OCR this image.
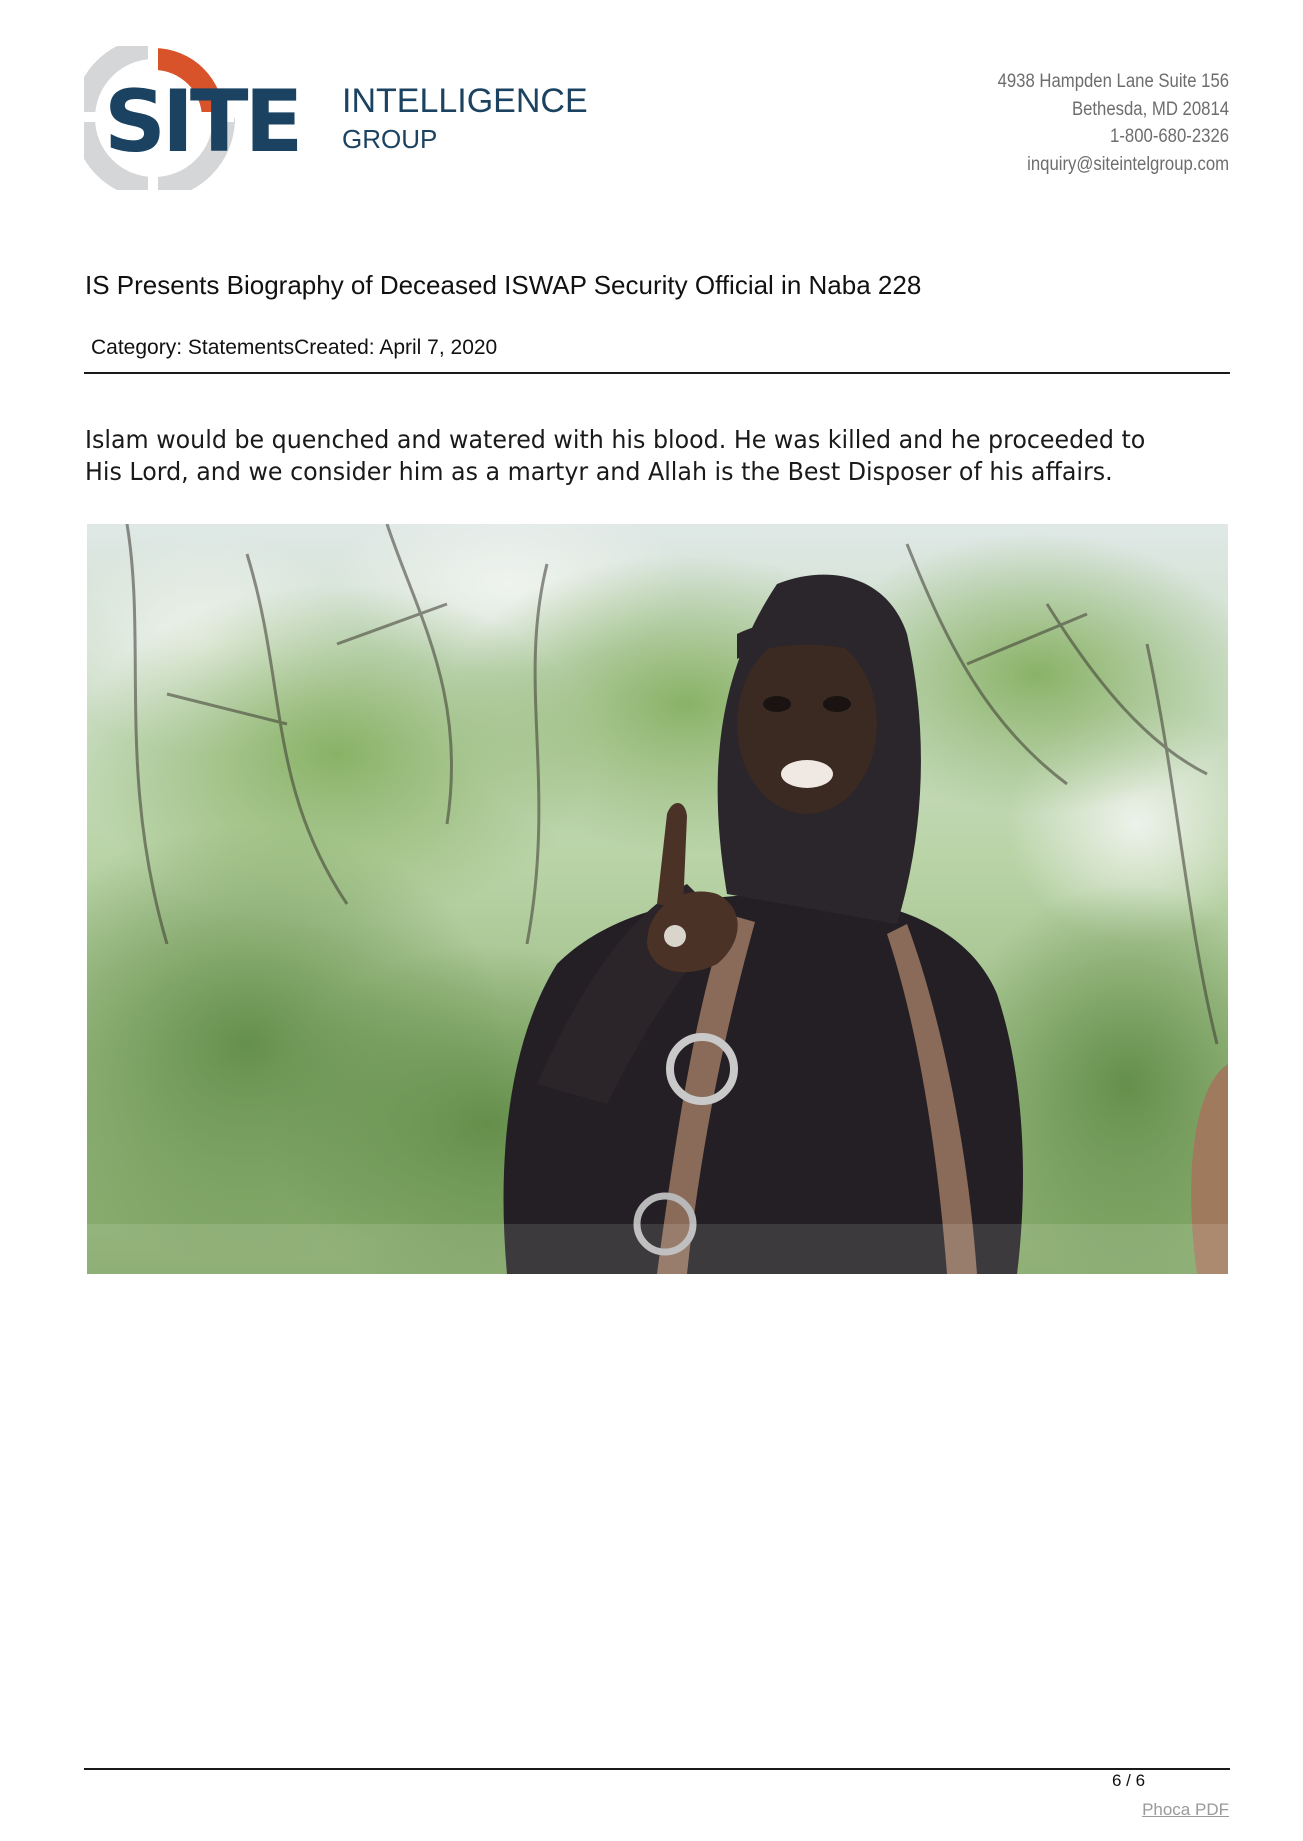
SITE INTELLIGENCE
GROUP
4938 Hampden Lane Suite 156
Bethesda, MD 20814
1-800-680-2326
inquiry@siteintelgroup.com
IS Presents Biography of Deceased ISWAP Security Official in Naba 228
Category: StatementsCreated: April 7, 2020
Islam would be quenched and watered with his blood. He was killed and he proceeded to His Lord, and we consider him as a martyr and Allah is the Best Disposer of his affairs.
6 / 6
Phoca PDF
